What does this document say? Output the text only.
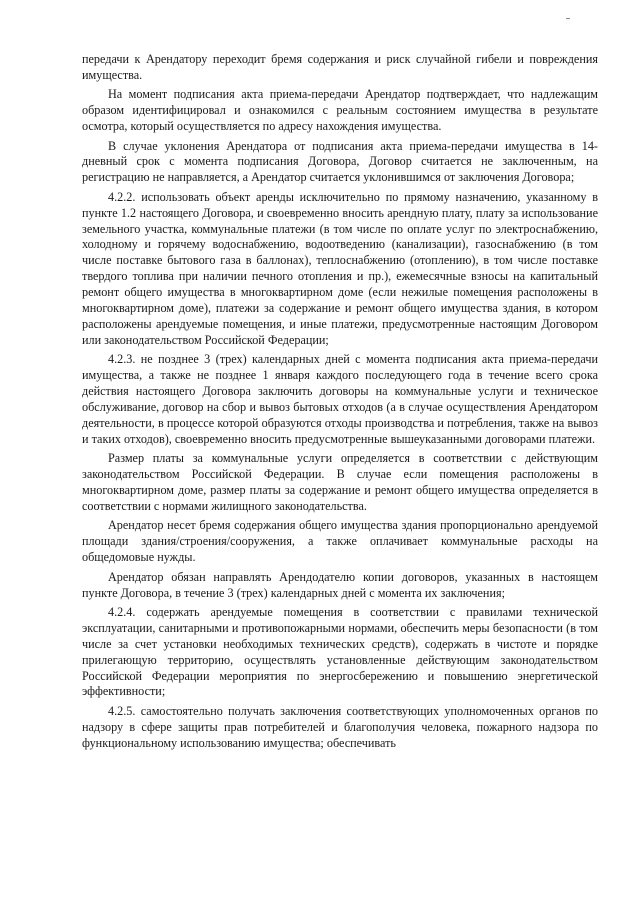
передачи к Арендатору переходит бремя содержания и риск случайной гибели и повреждения имущества.

На момент подписания акта приема-передачи Арендатор подтверждает, что надлежащим образом идентифицировал и ознакомился с реальным состоянием имущества в результате осмотра, который осуществляется по адресу нахождения имущества.

В случае уклонения Арендатора от подписания акта приема-передачи имущества в 14-дневный срок с момента подписания Договора, Договор считается не заключенным, на регистрацию не направляется, а Арендатор считается уклонившимся от заключения Договора;

4.2.2. использовать объект аренды исключительно по прямому назначению, указанному в пункте 1.2 настоящего Договора, и своевременно вносить арендную плату, плату за использование земельного участка, коммунальные платежи (в том числе по оплате услуг по электроснабжению, холодному и горячему водоснабжению, водоотведению (канализации), газоснабжению (в том числе поставке бытового газа в баллонах), теплоснабжению (отоплению), в том числе поставке твердого топлива при наличии печного отопления и пр.), ежемесячные взносы на капитальный ремонт общего имущества в многоквартирном доме (если нежилые помещения расположены в многоквартирном доме), платежи за содержание и ремонт общего имущества здания, в котором расположены арендуемые помещения, и иные платежи, предусмотренные настоящим Договором или законодательством Российской Федерации;

4.2.3. не позднее 3 (трех) календарных дней с момента подписания акта приема-передачи имущества, а также не позднее 1 января каждого последующего года в течение всего срока действия настоящего Договора заключить договоры на коммунальные услуги и техническое обслуживание, договор на сбор и вывоз бытовых отходов (а в случае осуществления Арендатором деятельности, в процессе которой образуются отходы производства и потребления, также на вывоз и таких отходов), своевременно вносить предусмотренные вышеуказанными договорами платежи.

Размер платы за коммунальные услуги определяется в соответствии с действующим законодательством Российской Федерации. В случае если помещения расположены в многоквартирном доме, размер платы за содержание и ремонт общего имущества определяется в соответствии с нормами жилищного законодательства.

Арендатор несет бремя содержания общего имущества здания пропорционально арендуемой площади здания/строения/сооружения, а также оплачивает коммунальные расходы на общедомовые нужды.

Арендатор обязан направлять Арендодателю копии договоров, указанных в настоящем пункте Договора, в течение 3 (трех) календарных дней с момента их заключения;

4.2.4. содержать арендуемые помещения в соответствии с правилами технической эксплуатации, санитарными и противопожарными нормами, обеспечить меры безопасности (в том числе за счет установки необходимых технических средств), содержать в чистоте и порядке прилегающую территорию, осуществлять установленные действующим законодательством Российской Федерации мероприятия по энергосбережению и повышению энергетической эффективности;

4.2.5. самостоятельно получать заключения соответствующих уполномоченных органов по надзору в сфере защиты прав потребителей и благополучия человека, пожарного надзора по функциональному использованию имущества; обеспечивать
